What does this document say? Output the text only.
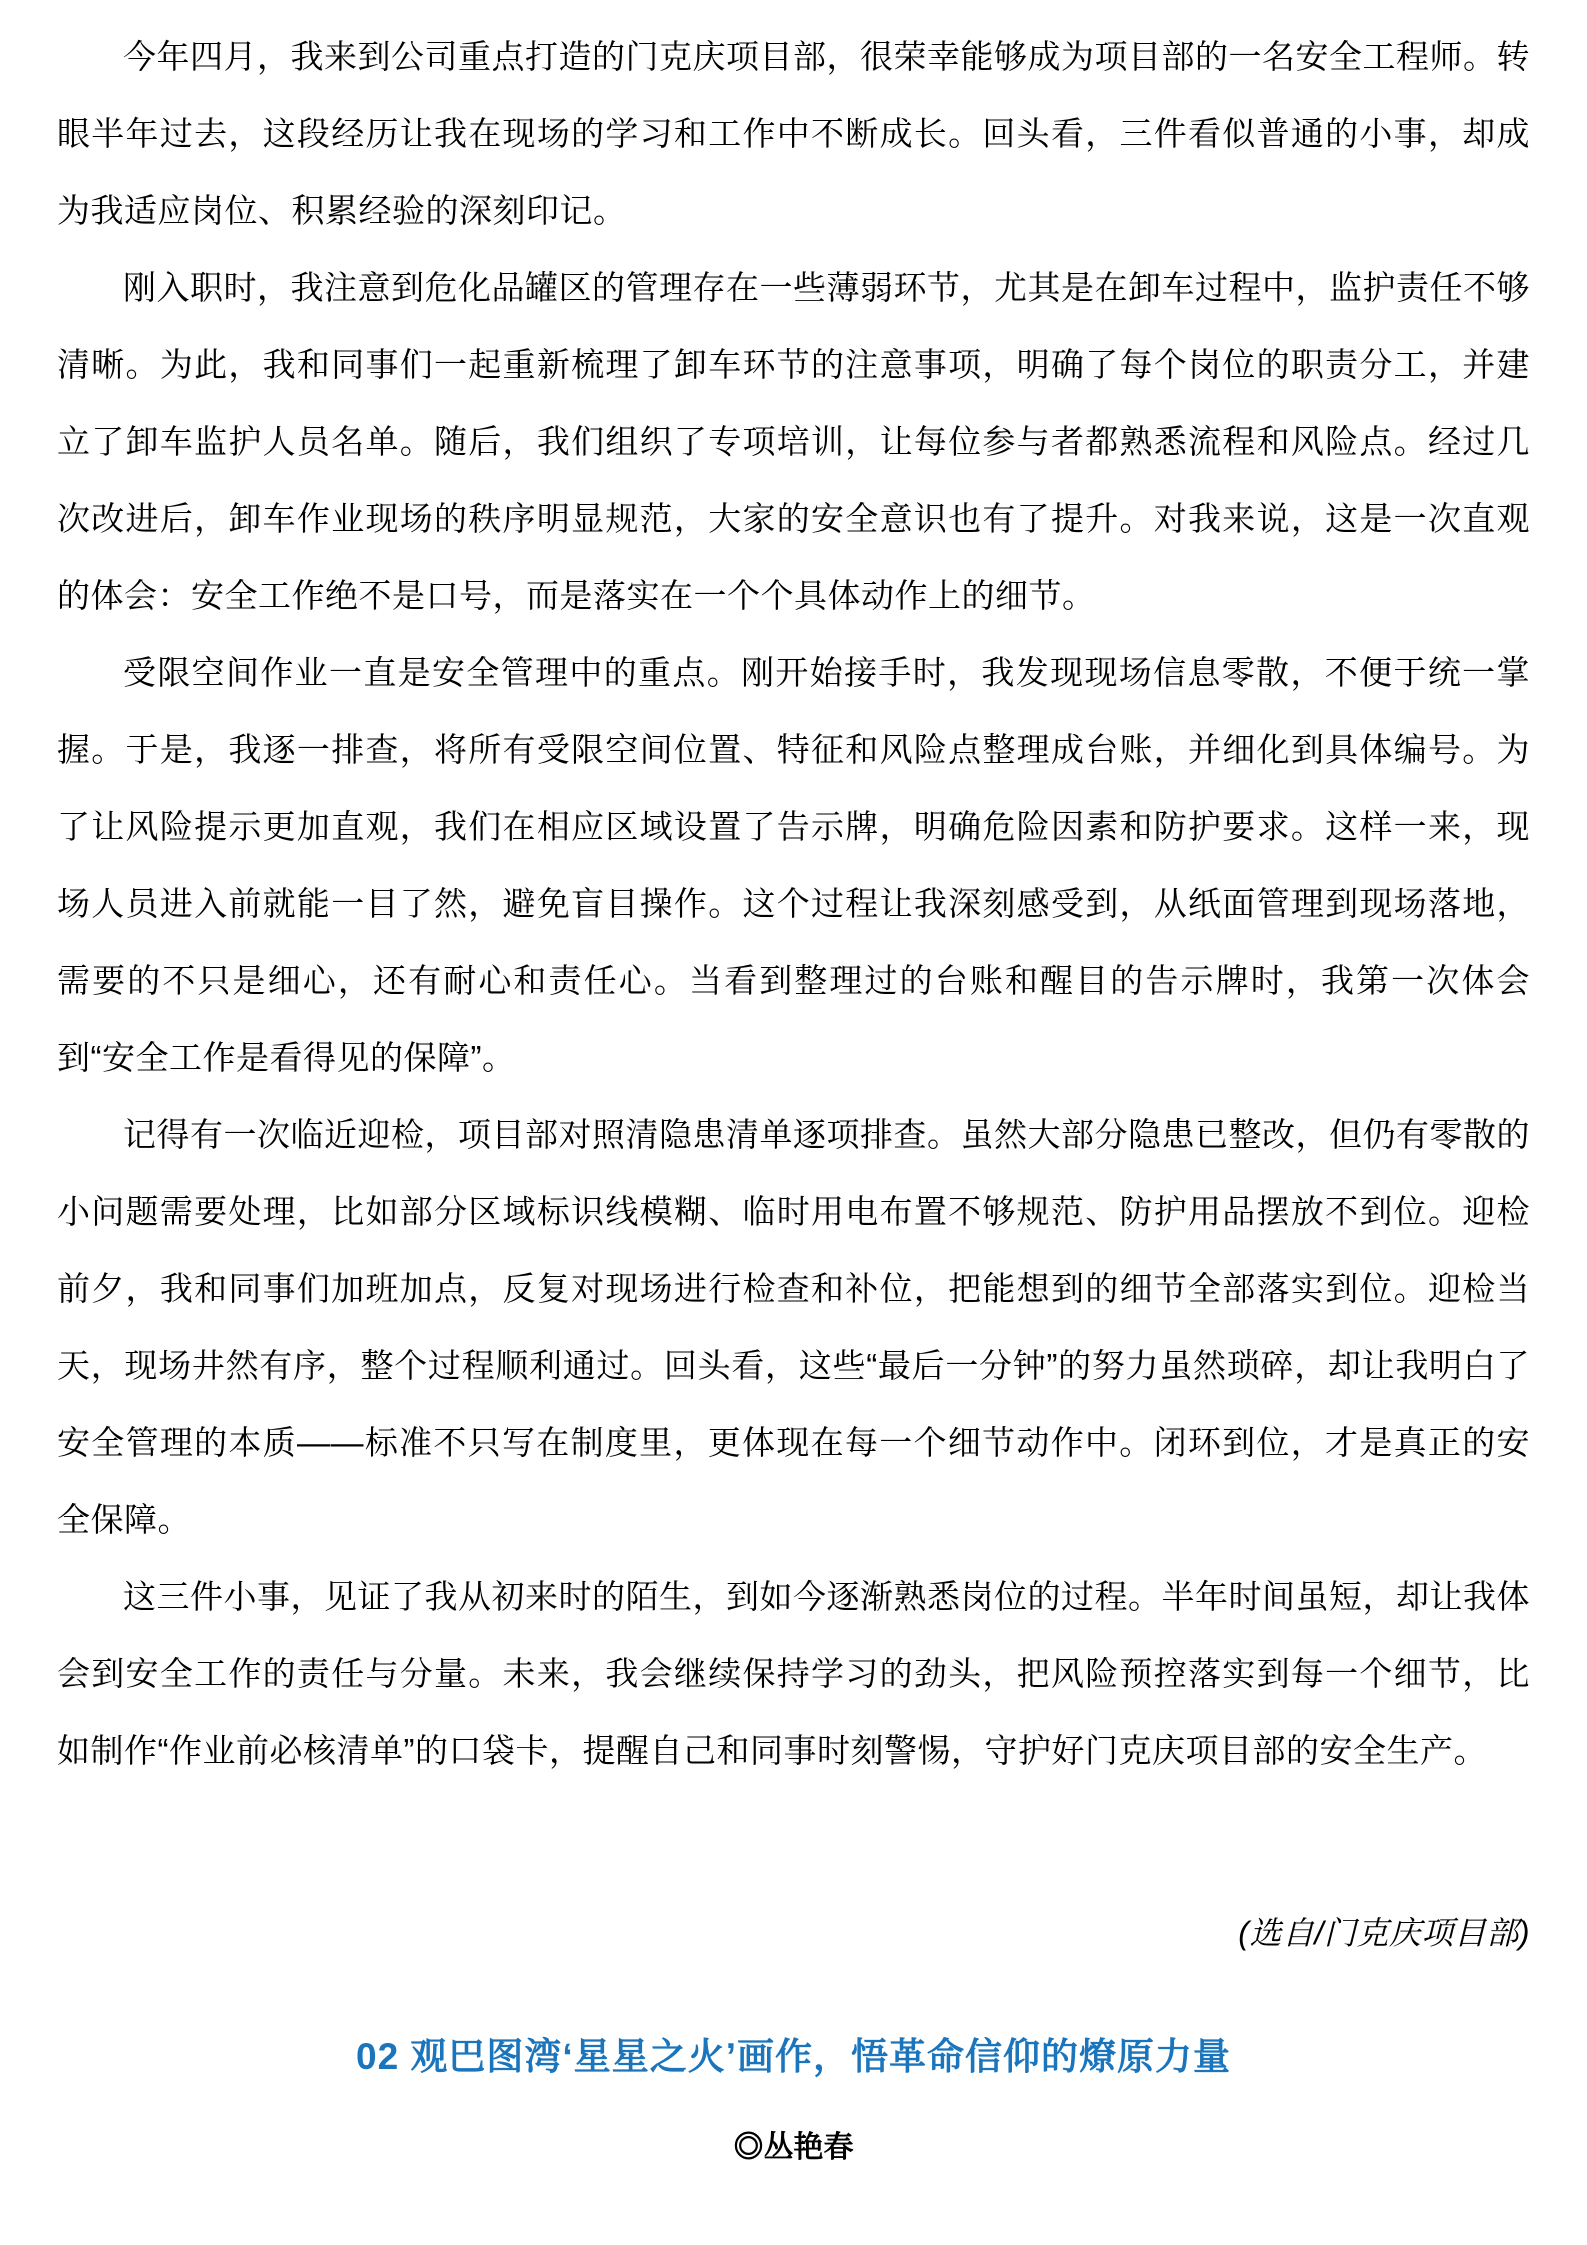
今年四月，我来到公司重点打造的门克庆项目部，很荣幸能够成为项目部的一名安全工程师。转眼半年过去，这段经历让我在现场的学习和工作中不断成长。回头看，三件看似普通的小事，却成为我适应岗位、积累经验的深刻印记。

刚入职时，我注意到危化品罐区的管理存在一些薄弱环节，尤其是在卸车过程中，监护责任不够清晰。为此，我和同事们一起重新梳理了卸车环节的注意事项，明确了每个岗位的职责分工，并建立了卸车监护人员名单。随后，我们组织了专项培训，让每位参与者都熟悉流程和风险点。经过几次改进后，卸车作业现场的秩序明显规范，大家的安全意识也有了提升。对我来说，这是一次直观的体会：安全工作绝不是口号，而是落实在一个个具体动作上的细节。

受限空间作业一直是安全管理中的重点。刚开始接手时，我发现现场信息零散，不便于统一掌握。于是，我逐一排查，将所有受限空间位置、特征和风险点整理成台账，并细化到具体编号。为了让风险提示更加直观，我们在相应区域设置了告示牌，明确危险因素和防护要求。这样一来，现场人员进入前就能一目了然，避免盲目操作。这个过程让我深刻感受到，从纸面管理到现场落地，需要的不只是细心，还有耐心和责任心。当看到整理过的台账和醒目的告示牌时，我第一次体会到“安全工作是看得见的保障”。

记得有一次临近迎检，项目部对照清隐患清单逐项排查。虽然大部分隐患已整改，但仍有零散的小问题需要处理，比如部分区域标识线模糊、临时用电布置不够规范、防护用品摆放不到位。迎检前夕，我和同事们加班加点，反复对现场进行检查和补位，把能想到的细节全部落实到位。迎检当天，现场井然有序，整个过程顺利通过。回头看，这些“最后一分钟”的努力虽然琐碎，却让我明白了安全管理的本质——标准不只写在制度里，更体现在每一个细节动作中。闭环到位，才是真正的安全保障。

这三件小事，见证了我从初来时的陌生，到如今逐渐熟悉岗位的过程。半年时间虽短，却让我体会到安全工作的责任与分量。未来，我会继续保持学习的劲头，把风险预控落实到每一个细节，比如制作“作业前必核清单”的口袋卡，提醒自己和同事时刻警惕，守护好门克庆项目部的安全生产。

(选自/门克庆项目部)

02 观巴图湾‘星星之火’画作，悟革命信仰的燎原力量

◎丛艳春
